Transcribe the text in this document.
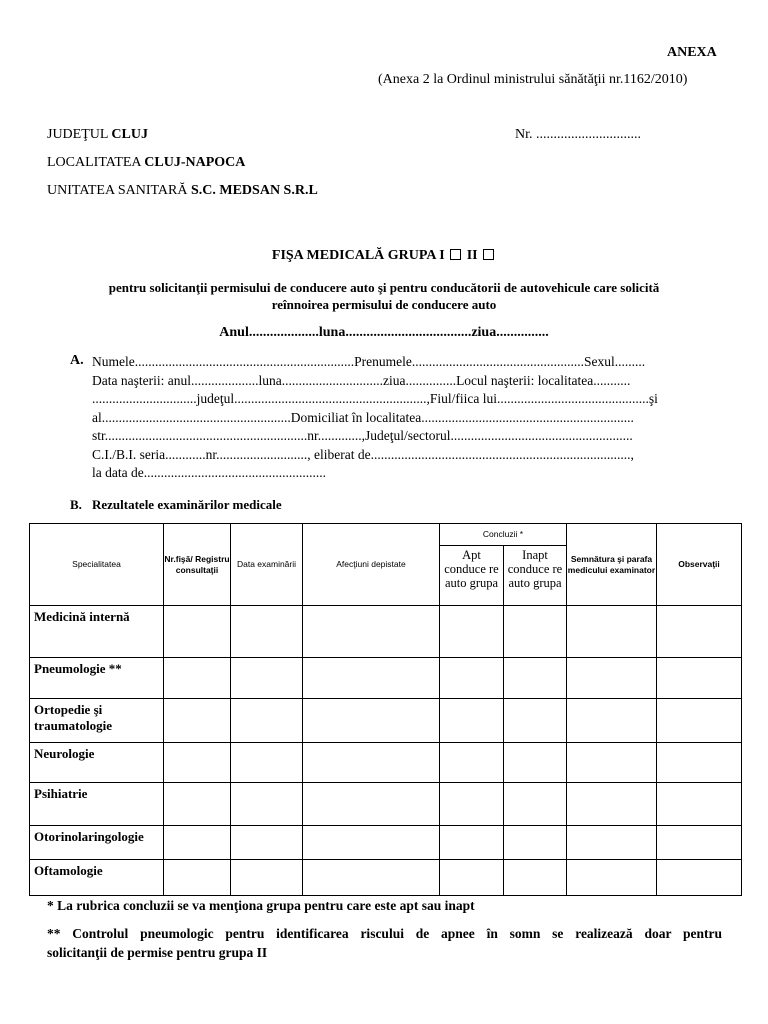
ANEXA
(Anexa 2 la Ordinul ministrului sănătăţii nr.1162/2010)
JUDEŢUL CLUJ	Nr. ..............................
LOCALITATEA CLUJ-NAPOCA
UNITATEA SANITARĂ S.C. MEDSAN S.R.L
FIŞA MEDICALĂ GRUPA I II
pentru solicitanţii permisului de conducere auto şi pentru conducătorii de autovehicule care solicită
reînnoirea permisului de conducere auto
Anul....................luna....................................ziua...............
A. Numele.................................................................Prenumele...................................................Sexul.........
Data naşterii: anul....................luna..............................ziua...............Locul naşterii: localitatea...........
...............................judeţul.........................................................,Fiul/fiica lui.............................................şi
al........................................................Domiciliat în localitatea...............................................................
str............................................................nr.............,Judeţul/sectorul......................................................
C.I./B.I. seria............nr..........................., eliberat de.............................................................................,
la data de......................................................
B. Rezultatele examinărilor medicale
Specialitatea	Nr.fişă/ Registru consultaţii	Data examinării	Afecţiuni depistate	Concluzii *		Semnătura şi parafa medicului examinator	Observaţii
				Apt conduce re auto grupa	Inapt conduce re auto grupa		
Medicină internă							
Pneumologie **							
Ortopedie şi traumatologie							
Neurologie							
Psihiatrie							
Otorinolaringologie							
Oftamologie							
* La rubrica concluzii se va menţiona grupa pentru care este apt sau inapt
** Controlul pneumologic pentru identificarea riscului de apnee în somn se realizează doar pentru
solicitanţii de permise pentru grupa II
